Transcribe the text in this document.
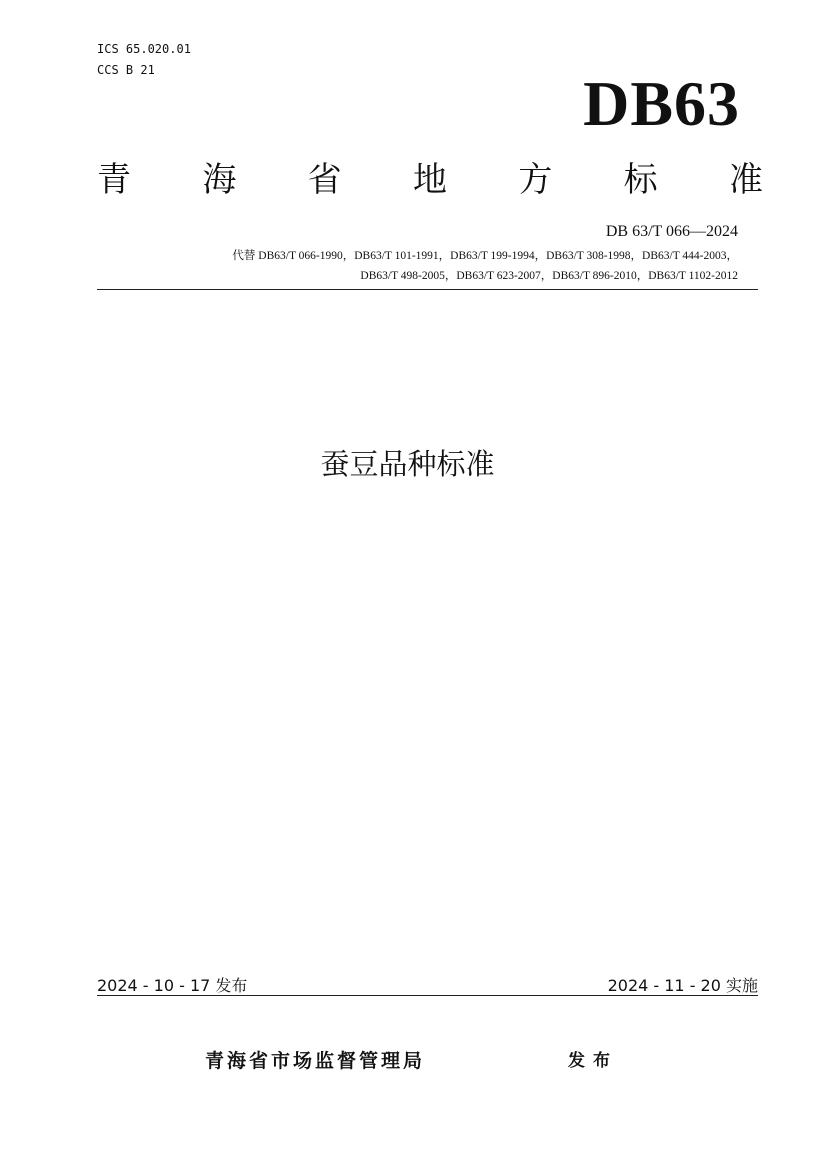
ICS 65.020.01
CCS B 21	DB63
青 海 省 地 方 标 准
DB 63/T 066—2024
代替 DB63/T 066-1990，DB63/T 101-1991，DB63/T 199-1994，DB63/T 308-1998，DB63/T 444-2003，
DB63/T 498-2005，DB63/T 623-2007，DB63/T 896-2010，DB63/T 1102-2012
蚕豆品种标准
2024 - 10 - 17 发布	2024 - 11 - 20 实施
青海省市场监督管理局	发布
